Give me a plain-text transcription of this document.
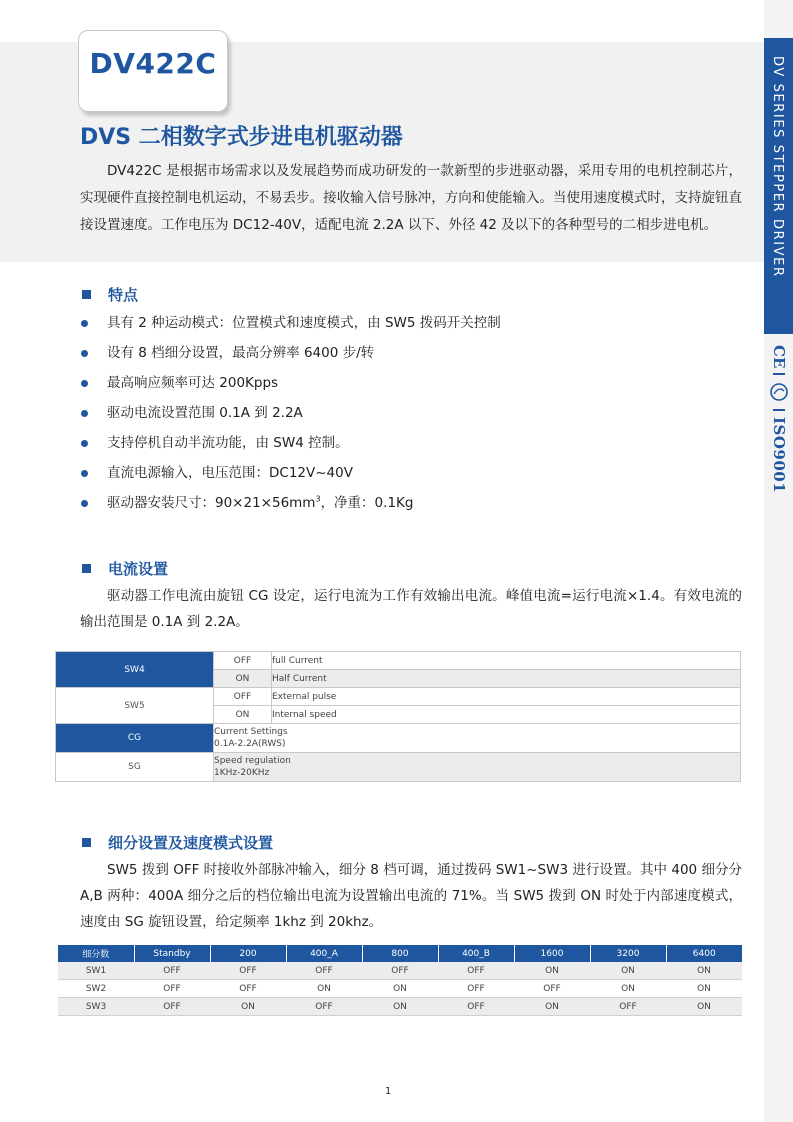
DV422C
DVS 二相数字式步进电机驱动器

DV422C 是根据市场需求以及发展趋势而成功研发的一款新型的步进驱动器，采用专用的电机控制芯片，实现硬件直接控制电机运动，不易丢步。接收输入信号脉冲，方向和使能输入。当使用速度模式时，支持旋钮直接设置速度。工作电压为 DC12-40V，适配电流 2.2A 以下、外径 42 及以下的各种型号的二相步进电机。	DV SERIES STEPPER DRIVER
CE
ISO9001
特点
具有 2 种运动模式：位置模式和速度模式，由 SW5 拨码开关控制
设有 8 档细分设置，最高分辨率 6400 步/转
最高响应频率可达 200Kpps
驱动电流设置范围 0.1A 到 2.2A
支持停机自动半流功能，由 SW4 控制。
直流电源输入，电压范围：DC12V~40V
驱动器安装尺寸：$90\times 21\times 56mm^3$，净重：0.1Kg
电流设置

驱动器工作电流由旋钮 CG 设定，运行电流为工作有效输出电流。峰值电流=运行电流×1.4。有效电流的输出范围是 0.1A 到 2.2A。

SW4	OFF	full Current
	ON	Half Current
SW5	OFF	External pulse
	ON	Internal speed
CG	Current Settings
0.1A-2.2A(RWS)	

SG	Speed regulation
1KHz-20KHz	
细分设置及速度模式设置

SW5 拨到 OFF 时接收外部脉冲输入，细分 8 档可调，通过拨码 SW1~SW3 进行设置。其中 400 细分分 A,B 两种：400A 细分之后的档位输出电流为设置输出电流的 71%。当 SW5 拨到 ON 时处于内部速度模式，速度由 SG 旋钮设置，给定频率 1khz 到 20khz。

细分数	Standby	200	400_A	800	400_B	1600	3200	6400
SW1	OFF	OFF	OFF	OFF	OFF	ON	ON	ON
SW2	OFF	OFF	ON	ON	OFF	OFF	ON	ON
SW3	OFF	ON	OFF	ON	OFF	ON	OFF	ON
1
